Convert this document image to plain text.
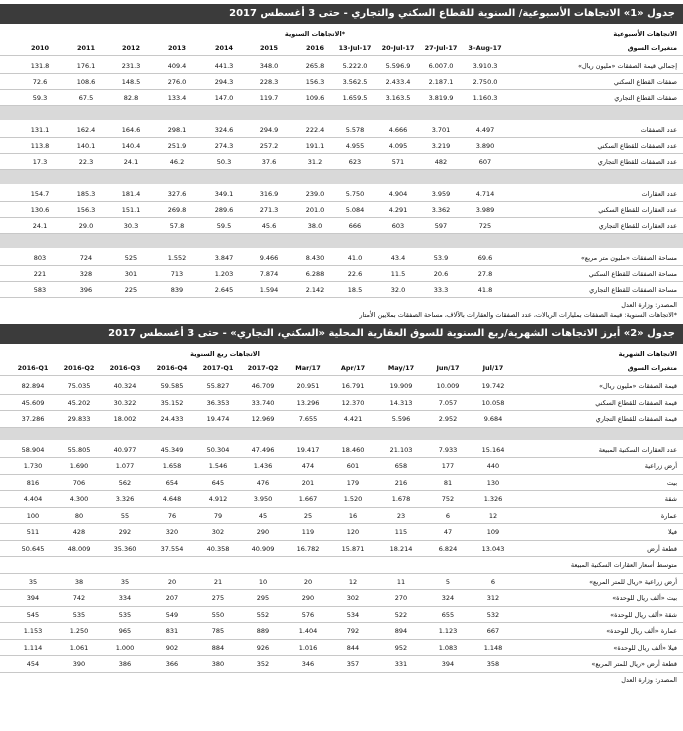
جدول «1» الاتجاهات الأسبوعية/ السنوية للقطاع السكني والتجاري - حتى 3 أغسطس 2017
الاتجاهات السنوية*	الاتجاهات الأسبوعية
2010	2011	2012	2013	2014	2015	2016	13-Jul-17	20-Jul-17	27-Jul-17	3-Aug-17	متغيرات السوق
131.8	176.1	231.3	409.4	441.3	348.0	265.8	5.222.0	5.596.9	6.007.0	3.910.3	إجمالي قيمة الصفقات «مليون ريال»
72.6	108.6	148.5	276.0	294.3	228.3	156.3	3.562.5	2.433.4	2.187.1	2.750.0	صفقات القطاع السكني
59.3	67.5	82.8	133.4	147.0	119.7	109.6	1.659.5	3.163.5	3.819.9	1.160.3	صفقات القطاع التجاري
131.1	162.4	164.6	298.1	324.6	294.9	222.4	5.578	4.666	3.701	4.497	عدد الصفقات
113.8	140.1	140.4	251.9	274.3	257.2	191.1	4.955	4.095	3.219	3.890	عدد الصفقات للقطاع السكني
17.3	22.3	24.1	46.2	50.3	37.6	31.2	623	571	482	607	عدد الصفقات للقطاع التجاري
154.7	185.3	181.4	327.6	349.1	316.9	239.0	5.750	4.904	3.959	4.714	عدد العقارات
130.6	156.3	151.1	269.8	289.6	271.3	201.0	5.084	4.291	3.362	3.989	عدد العقارات للقطاع السكني
24.1	29.0	30.3	57.8	59.5	45.6	38.0	666	603	597	725	عدد العقارات للقطاع التجاري
803	724	525	1.552	3.847	9.466	8.430	41.0	43.4	53.9	69.6	مساحة الصفقات «مليون متر مربع»
221	328	301	713	1.203	7.874	6.288	22.6	11.5	20.6	27.8	مساحة الصفقات للقطاع السكني
583	396	225	839	2.645	1.594	2.142	18.5	32.0	33.3	41.8	مساحة الصفقات للقطاع التجاري
المصدر: وزارة العدل
*الاتجاهات السنوية: قيمة الصفقات بمليارات الريالات، عدد الصفقات والعقارات بالآلاف، مساحة الصفقات بملايين الأمتار
جدول «2» أبرز الاتجاهات الشهرية/ربع السنوية للسوق العقارية المحلية «السكني، التجاري» - حتى 3 أغسطس 2017
الاتجاهات ربع السنوية	الاتجاهات الشهرية
2016-Q1	2016-Q2	2016-Q3	2016-Q4	2017-Q1	2017-Q2	Mar/17	Apr/17	May/17	Jun/17	Jul/17	متغيرات السوق
82.894	75.035	40.324	59.585	55.827	46.709	20.951	16.791	19.909	10.009	19.742	قيمة الصفقات «مليون ريال»
45.609	45.202	30.322	35.152	36.353	33.740	13.296	12.370	14.313	7.057	10.058	قيمة الصفقات للقطاع السكني
37.286	29.833	18.002	24.433	19.474	12.969	7.655	4.421	5.596	2.952	9.684	قيمة الصفقات للقطاع التجاري
58.904	55.805	40.977	45.349	50.304	47.496	19.417	18.460	21.103	7.933	15.164	عدد العقارات السكنية المبيعة
1.730	1.690	1.077	1.658	1.546	1.436	474	601	658	177	440	أرض زراعية
816	706	562	654	645	476	201	179	216	81	130	بيت
4.404	4.300	3.326	4.648	4.912	3.950	1.667	1.520	1.678	752	1.326	شقة
100	80	55	76	79	45	25	16	23	6	12	عمارة
511	428	292	320	302	290	119	120	115	47	109	فيلا
50.645	48.009	35.360	37.554	40.358	40.909	16.782	15.871	18.214	6.824	13.043	قطعة أرض
متوسط أسعار العقارات السكنية المبيعة
35	38	35	20	21	10	20	12	11	5	6	أرض زراعية «ريال للمتر المربع»
394	742	334	207	275	295	290	302	270	324	312	بيت «ألف ريال للوحدة»
545	535	535	549	550	552	576	534	522	655	532	شقة «ألف ريال للوحدة»
1.153	1.250	965	831	785	889	1.404	792	894	1.123	667	عمارة «ألف ريال للوحدة»
1.114	1.061	1.000	902	884	926	1.016	844	952	1.083	1.148	فيلا «ألف ريال للوحدة»
454	390	386	366	380	352	346	357	331	394	358	قطعة أرض «ريال للمتر المربع»
المصدر: وزارة العدل
